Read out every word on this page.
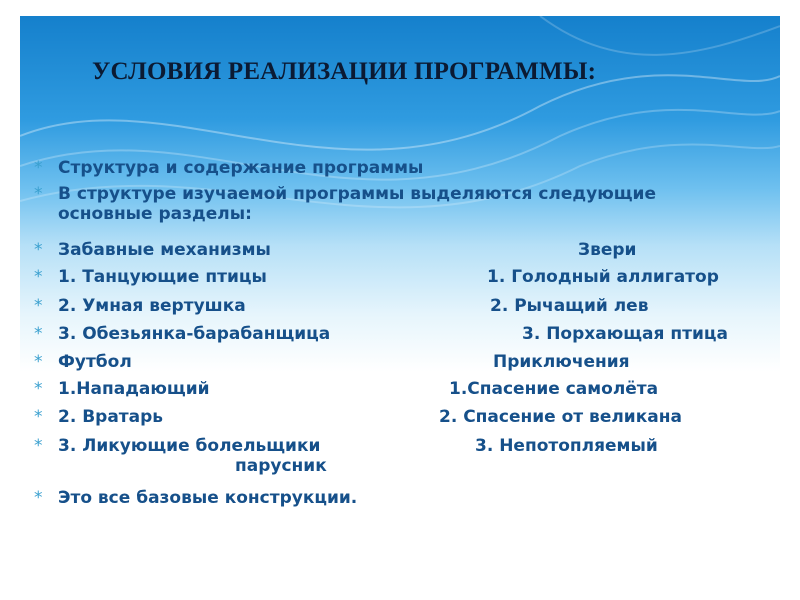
УСЛОВИЯ РЕАЛИЗАЦИИ ПРОГРАММЫ:
* Структура и содержание программы
* В структуре изучаемой программы выделяются следующие
основные разделы:
* Забавные механизмы	Звери
* 1. Танцующие птицы	1. Голодный аллигатор
* 2. Умная вертушка	2. Рычащий лев
* 3. Обезьянка-барабанщица	3. Порхающая птица
* Футбол	Приключения
* 1.Нападающий	1.Спасение самолёта
* 2. Вратарь	2. Спасение от великана
* 3. Ликующие болельщики	3. Непотопляемый
парусник
* Это все базовые конструкции.
